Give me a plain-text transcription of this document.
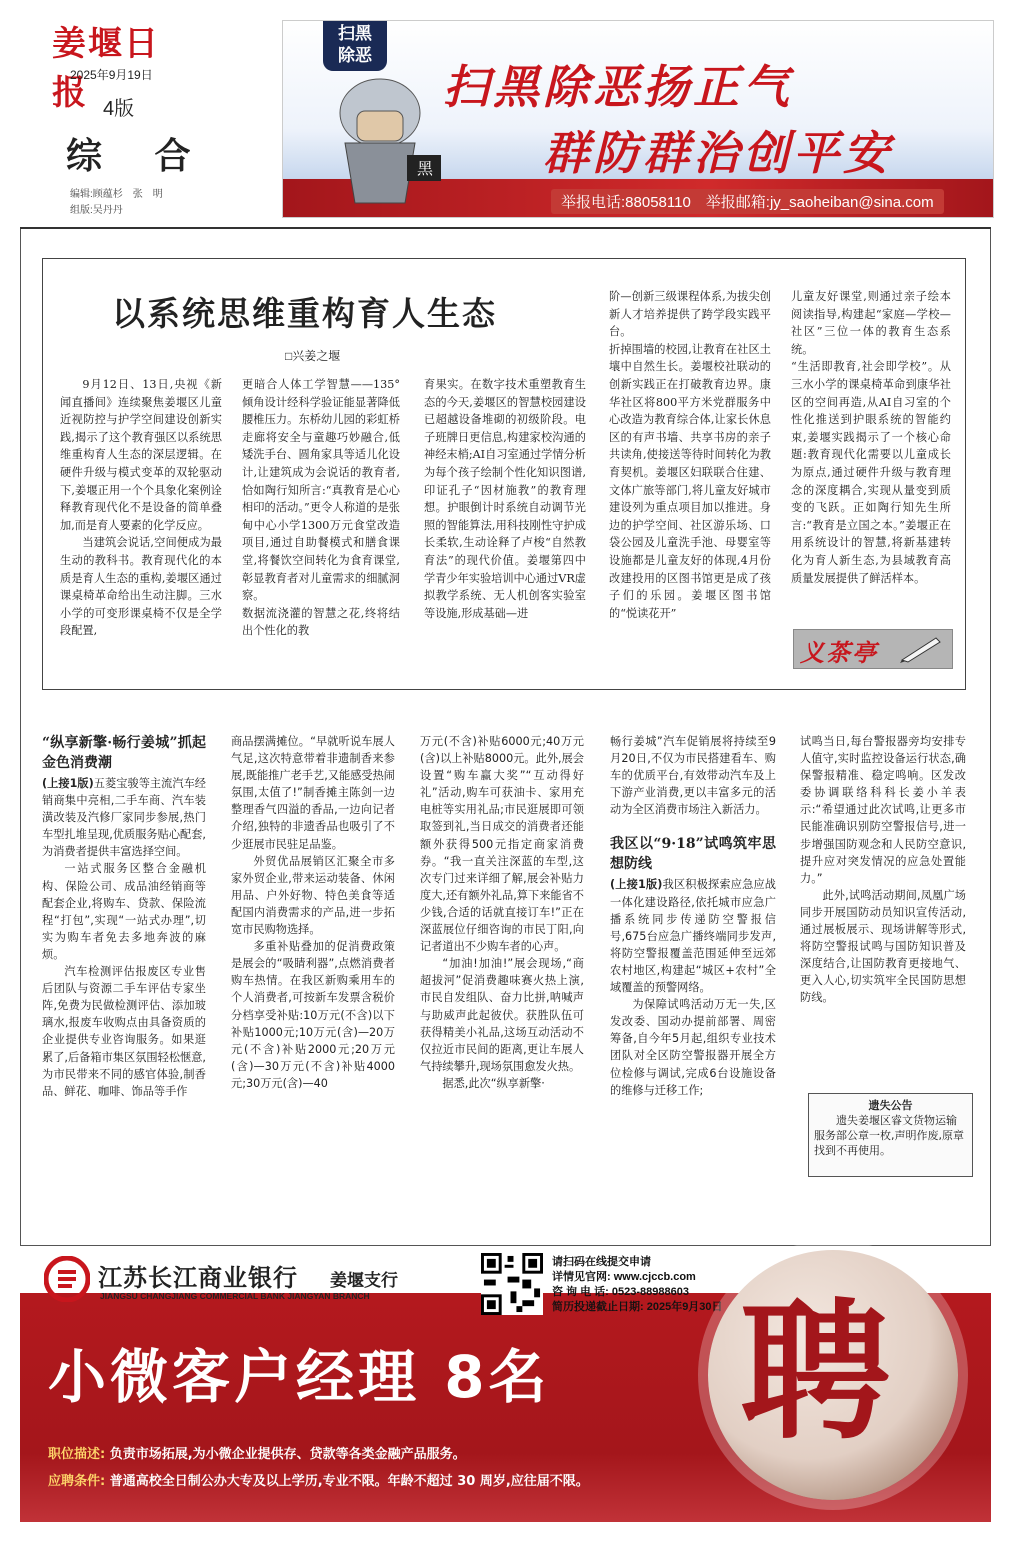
姜堰日报
2025年9月19日
4版
综 合
编辑:顾蕴杉　张　明
组版:吴丹丹
扫黑
除恶
黑
扫黑除恶扬正气
群防群治创平安
举报电话:88058110　举报邮箱:jy_saoheiban@sina.com
以系统思维重构育人生态
□兴姜之堰

9月12日、13日,央视《新闻直播间》连续聚焦姜堰区儿童近视防控与护学空间建设创新实践,揭示了这个教育强区以系统思维重构育人生态的深层逻辑。在硬件升级与模式变革的双轮驱动下,姜堰正用一个个具象化案例诠释教育现代化不是设备的简单叠加,而是育人要素的化学反应。

当建筑会说话,空间便成为最生动的教科书。教育现代化的本质是育人生态的重构,姜堰区通过课桌椅革命给出生动注脚。三水小学的可变形课桌椅不仅是全学段配置,

更暗合人体工学智慧——135°倾角设计经科学验证能显著降低腰椎压力。东桥幼儿园的彩虹桥走廊将安全与童趣巧妙融合,低矮洗手台、圆角家具等适儿化设计,让建筑成为会说话的教育者,恰如陶行知所言:“真教育是心心相印的活动。”更令人称道的是张甸中心小学1300万元食堂改造项目,通过自助餐模式和膳食课堂,将餐饮空间转化为食育课堂,彰显教育者对儿童需求的细腻洞察。

数据流浇灌的智慧之花,终将结出个性化的教

育果实。在数字技术重塑教育生态的今天,姜堰区的智慧校园建设已超越设备堆砌的初级阶段。电子班牌日更信息,构建家校沟通的神经末梢;AI自习室通过学情分析为每个孩子绘制个性化知识图谱,印证孔子“因材施教”的教育理想。护眼倒计时系统自动调节光照的智能算法,用科技刚性守护成长柔软,生动诠释了卢梭“自然教育法”的现代价值。姜堰第四中学青少年实验培训中心通过VR虚拟教学系统、无人机创客实验室等设施,形成基础—进

阶—创新三级课程体系,为拔尖创新人才培养提供了跨学段实践平台。

折掉围墙的校园,让教育在社区土壤中自然生长。姜堰校社联动的创新实践正在打破教育边界。康华社区将800平方米党群服务中心改造为教育综合体,让家长休息区的有声书墙、共享书房的亲子共读角,使接送等待时间转化为教育契机。姜堰区妇联联合住建、文体广旅等部门,将儿童友好城市建设列为重点项目加以推进。身边的护学空间、社区游乐场、口袋公园及儿童洗手池、母婴室等设施都是儿童友好的体现,4月份改建投用的区图书馆更是成了孩子们的乐园。姜堰区图书馆的“悦读花开”

儿童友好课堂,则通过亲子绘本阅读指导,构建起“家庭—学校—社区”三位一体的教育生态系统。

“生活即教育,社会即学校”。从三水小学的课桌椅革命到康华社区的空间再造,从AI自习室的个性化推送到护眼系统的智能约束,姜堰实践揭示了一个核心命题:教育现代化需要以儿童成长为原点,通过硬件升级与教育理念的深度耦合,实现从量变到质变的飞跃。正如陶行知先生所言:“教育是立国之本。”姜堰正在用系统设计的智慧,将新基建转化为育人新生态,为县域教育高质量发展提供了鲜活样本。

义茶亭
“纵享新擎·畅行姜城”抓起金色消费潮

(上接1版)五菱宝骏等主流汽车经销商集中亮相,二手车商、汽车装潢改装及汽修厂家同步参展,热门车型扎堆呈现,优质服务贴心配套,为消费者提供丰富选择空间。

一站式服务区整合金融机构、保险公司、成品油经销商等配套企业,将购车、贷款、保险流程“打包”,实现“一站式办理”,切实为购车者免去多地奔波的麻烦。

汽车检测评估报废区专业售后团队与资源二手车评估专家坐阵,免费为民做检测评估、添加玻璃水,报废车收购点由具备资质的企业提供专业咨询服务。如果逛累了,后备箱市集区氛围轻松惬意,为市民带来不同的感官体验,制香品、鲜花、咖啡、饰品等手作

商品摆满摊位。“早就听说车展人气足,这次特意带着非遗制香来参展,既能推广老手艺,又能感受热闹氛围,太值了!”制香摊主陈剑一边整理香气四溢的香品,一边向记者介绍,独特的非遗香品也吸引了不少逛展市民驻足品鉴。

外贸优品展销区汇聚全市多家外贸企业,带来运动装备、休闲用品、户外好物、特色美食等适配国内消费需求的产品,进一步拓宽市民购物选择。

多重补贴叠加的促消费政策是展会的“吸睛利器”,点燃消费者购车热情。在我区新购乘用车的个人消费者,可按新车发票含税价分档享受补贴:10万元(不含)以下补贴1000元;10万元(含)—20万元(不含)补贴2000元;20万元(含)—30万元(不含)补贴4000元;30万元(含)—40

万元(不含)补贴6000元;40万元(含)以上补贴8000元。此外,展会设置“购车赢大奖”“互动得好礼”活动,购车可获油卡、家用充电桩等实用礼品;市民逛展即可领取签到礼,当日成交的消费者还能额外获得500元指定商家消费券。“我一直关注深蓝的车型,这次专门过来详细了解,展会补贴力度大,还有额外礼品,算下来能省不少钱,合适的话就直接订车!”正在深蓝展位仔细咨询的市民丁阳,向记者道出不少购车者的心声。

“加油!加油!”展会现场,“商超拔河”促消费趣味赛火热上演,市民自发组队、奋力比拼,呐喊声与助威声此起彼伏。获胜队伍可获得精美小礼品,这场互动活动不仅拉近市民间的距离,更让车展人气持续攀升,现场氛围愈发火热。

据悉,此次“纵享新擎·

畅行姜城”汽车促销展将持续至9月20日,不仅为市民搭建看车、购车的优质平台,有效带动汽车及上下游产业消费,更以丰富多元的活动为全区消费市场注入新活力。

我区以“9·18”试鸣筑牢思想防线

(上接1版)我区积极探索应急应战一体化建设路径,依托城市应急广播系统同步传递防空警报信号,675台应急广播终端同步发声,将防空警报覆盖范围延伸至远郊农村地区,构建起“城区+农村”全域覆盖的预警网络。

为保障试鸣活动万无一失,区发改委、国动办提前部署、周密筹备,自今年5月起,组织专业技术团队对全区防空警报器开展全方位检修与调试,完成6台设施设备的维修与迁移工作;

试鸣当日,每台警报器旁均安排专人值守,实时监控设备运行状态,确保警报精准、稳定鸣响。区发改委协调联络科科长姜小羊表示:“希望通过此次试鸣,让更多市民能准确识别防空警报信号,进一步增强国防观念和人民防空意识,提升应对突发情况的应急处置能力。”

此外,试鸣活动期间,凤凰广场同步开展国防动员知识宣传活动,通过展板展示、现场讲解等形式,将防空警报试鸣与国防知识普及深度结合,让国防教育更接地气、更入人心,切实筑牢全民国防思想防线。

遗失公告
遗失姜堰区睿文货物运输服务部公章一枚,声明作废,原章找到不再使用。
江苏长江商业银行 姜堰支行
JIANGSU CHANGJIANG COMMERCIAL BANK JIANGYAN BRANCH
请扫码在线提交申请
详情见官网: www.cjccb.com
咨 询 电 话: 0523-88988603
简历投递截止日期: 2025年9月30日 聘
小微客户经理 8名
职位描述: 负责市场拓展,为小微企业提供存、贷款等各类金融产品服务。
应聘条件: 普通高校全日制公办大专及以上学历,专业不限。年龄不超过 30 周岁,应往届不限。
